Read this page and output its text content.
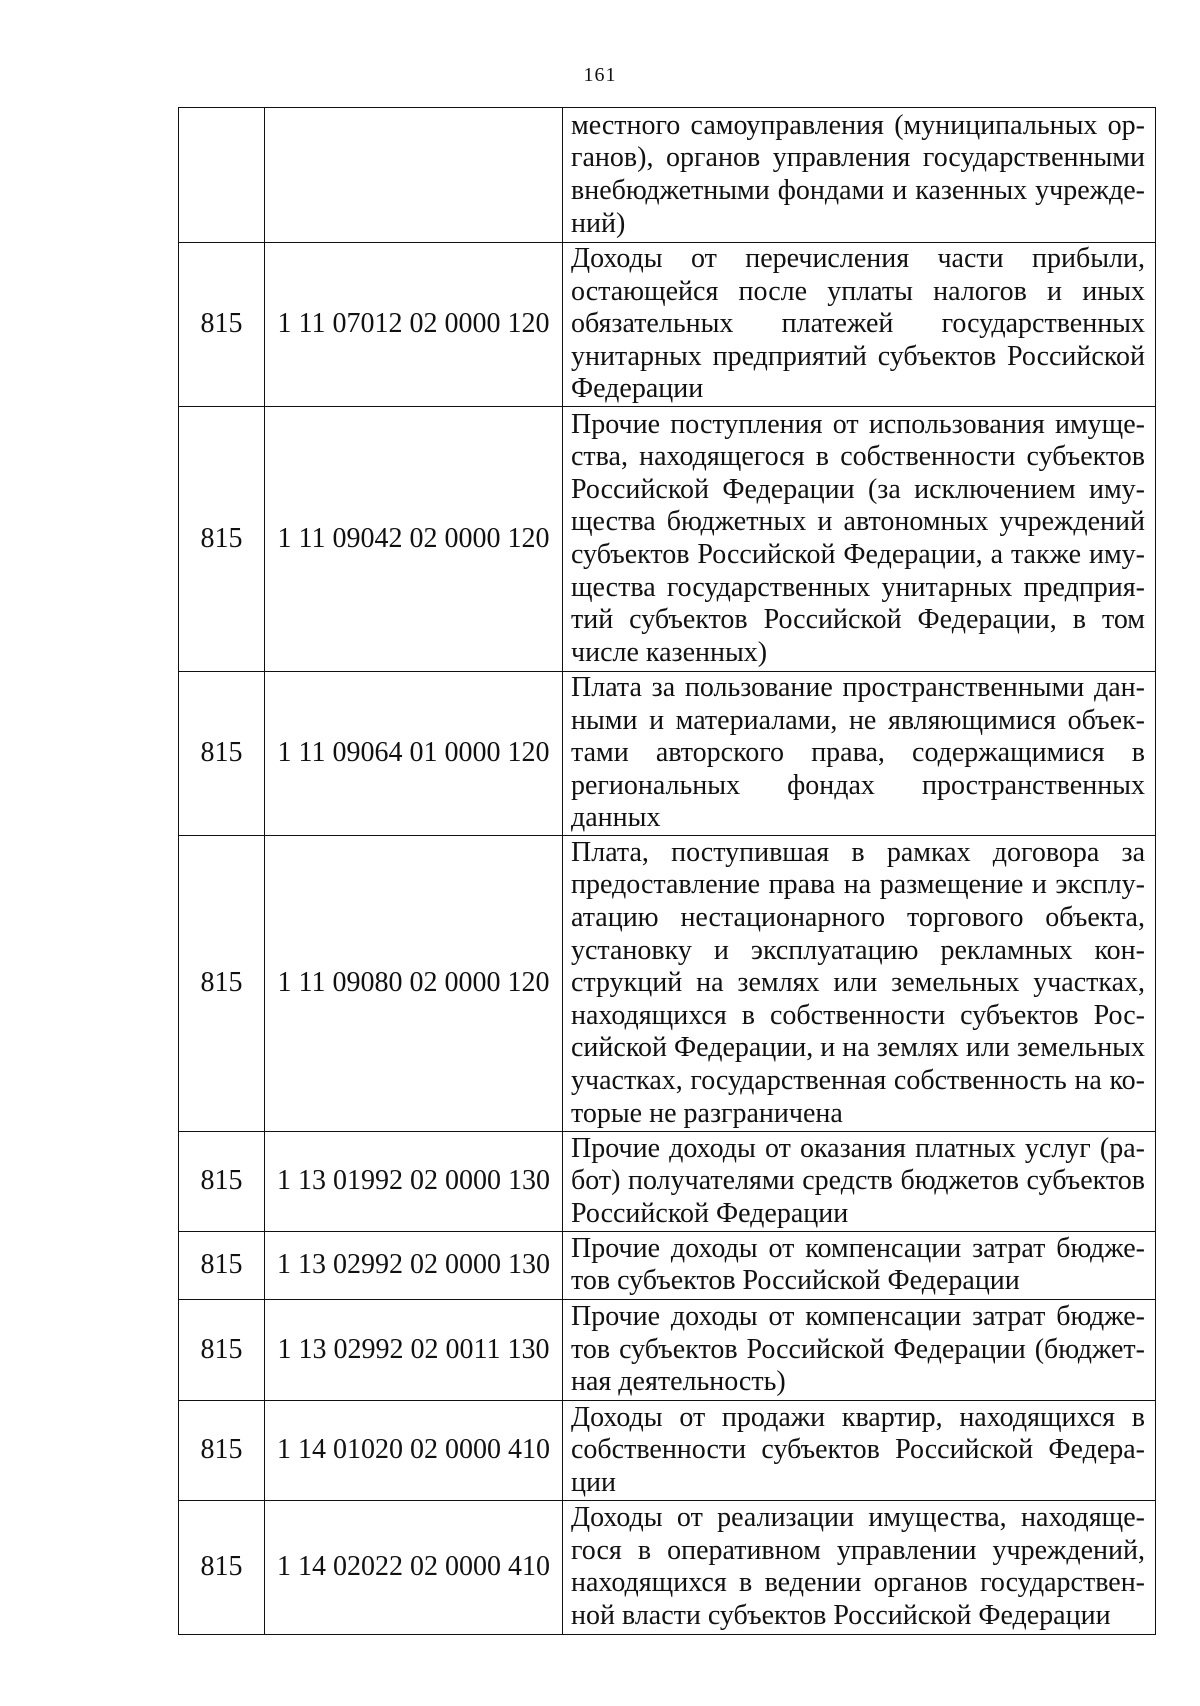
161

		местного самоуправления (муниципальных органов), органов управления государственными внебюджетными фондами и казенных учреждений)

815	1 11 07012 02 0000 120	Доходы от перечисления части прибыли, остающейся после уплаты налогов и иных обязательных платежей государственных унитарных предприятий субъектов Российской Федерации

815	1 11 09042 02 0000 120	Прочие поступления от использования имущества, находящегося в собственности субъектов Российской Федерации (за исключением имущества бюджетных и автономных учреждений субъектов Российской Федерации, а также имущества государственных унитарных предприятий субъектов Российской Федерации, в том числе казенных)

815	1 11 09064 01 0000 120	Плата за пользование пространственными данными и материалами, не являющимися объектами авторского права, содержащимися в региональных фондах пространственных данных

815	1 11 09080 02 0000 120	Плата, поступившая в рамках договора за предоставление права на размещение и эксплуатацию нестационарного торгового объекта, установку и эксплуатацию рекламных конструкций на землях или земельных участках, находящихся в собственности субъектов Российской Федерации, и на землях или земельных участках, государственная собственность на которые не разграничена

815	1 13 01992 02 0000 130	Прочие доходы от оказания платных услуг (работ) получателями средств бюджетов субъектов Российской Федерации

815	1 13 02992 02 0000 130	Прочие доходы от компенсации затрат бюджетов субъектов Российской Федерации

815	1 13 02992 02 0011 130	Прочие доходы от компенсации затрат бюджетов субъектов Российской Федерации (бюджетная деятельность)

815	1 14 01020 02 0000 410	Доходы от продажи квартир, находящихся в собственности субъектов Российской Федерации

815	1 14 02022 02 0000 410	Доходы от реализации имущества, находящегося в оперативном управлении учреждений, находящихся в ведении органов государственной власти субъектов Российской Федерации
